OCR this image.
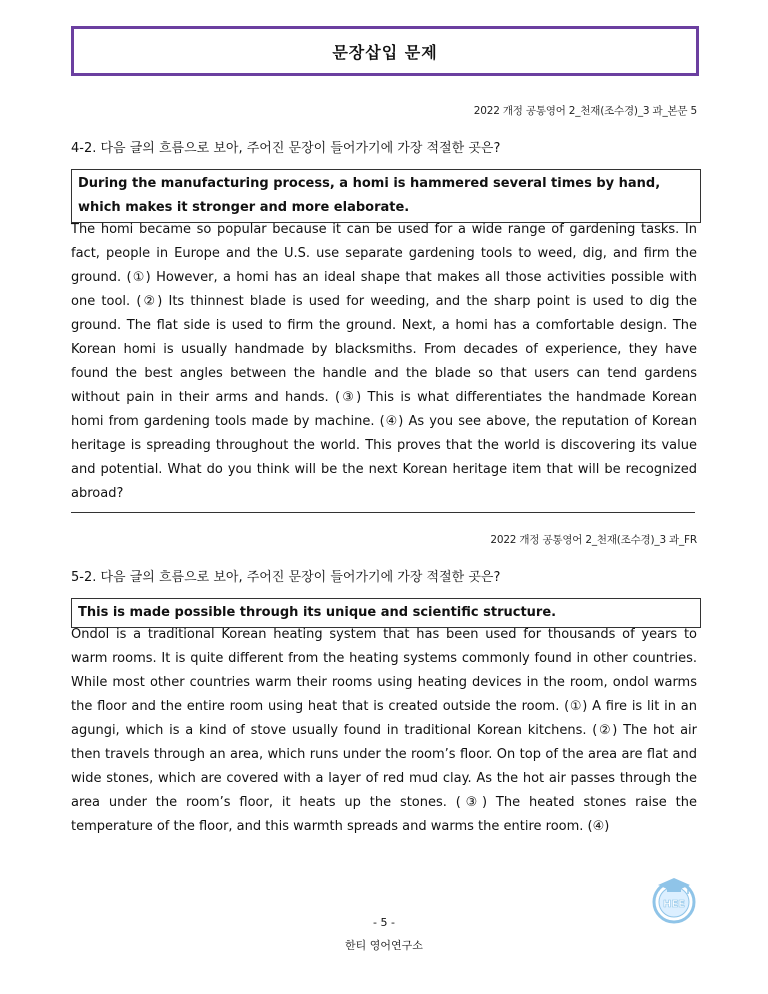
문장삽입 문제
2022 개정 공통영어 2_천재(조수경)_3 과_본문 5
4-2. 다음 글의 흐름으로 보아, 주어진 문장이 들어가기에 가장 적절한 곳은?
During the manufacturing process, a homi is hammered several times by hand, which makes it stronger and more elaborate.
The homi became so popular because it can be used for a wide range of gardening tasks. In fact, people in Europe and the U.S. use separate gardening tools to weed, dig, and firm the ground. (①) However, a homi has an ideal shape that makes all those activities possible with one tool. (②) Its thinnest blade is used for weeding, and the sharp point is used to dig the ground. The flat side is used to firm the ground. Next, a homi has a comfortable design. The Korean homi is usually handmade by blacksmiths. From decades of experience, they have found the best angles between the handle and the blade so that users can tend gardens without pain in their arms and hands. (③) This is what differentiates the handmade Korean homi from gardening tools made by machine. (④) As you see above, the reputation of Korean heritage is spreading throughout the world. This proves that the world is discovering its value and potential. What do you think will be the next Korean heritage item that will be recognized abroad?
2022 개정 공통영어 2_천재(조수경)_3 과_FR
5-2. 다음 글의 흐름으로 보아, 주어진 문장이 들어가기에 가장 적절한 곳은?
This is made possible through its unique and scientific structure.
Ondol is a traditional Korean heating system that has been used for thousands of years to warm rooms. It is quite different from the heating systems commonly found in other countries. While most other countries warm their rooms using heating devices in the room, ondol warms the floor and the entire room using heat that is created outside the room. (①) A fire is lit in an agungi, which is a kind of stove usually found in traditional Korean kitchens. (②) The hot air then travels through an area, which runs under the room’s floor. On top of the area are flat and wide stones, which are covered with a layer of red mud clay. As the hot air passes through the area under the room’s floor, it heats up the stones. (③) The heated stones raise the temperature of the floor, and this warmth spreads and warms the entire room. (④)
HEE
- 5 -
한티 영어연구소
